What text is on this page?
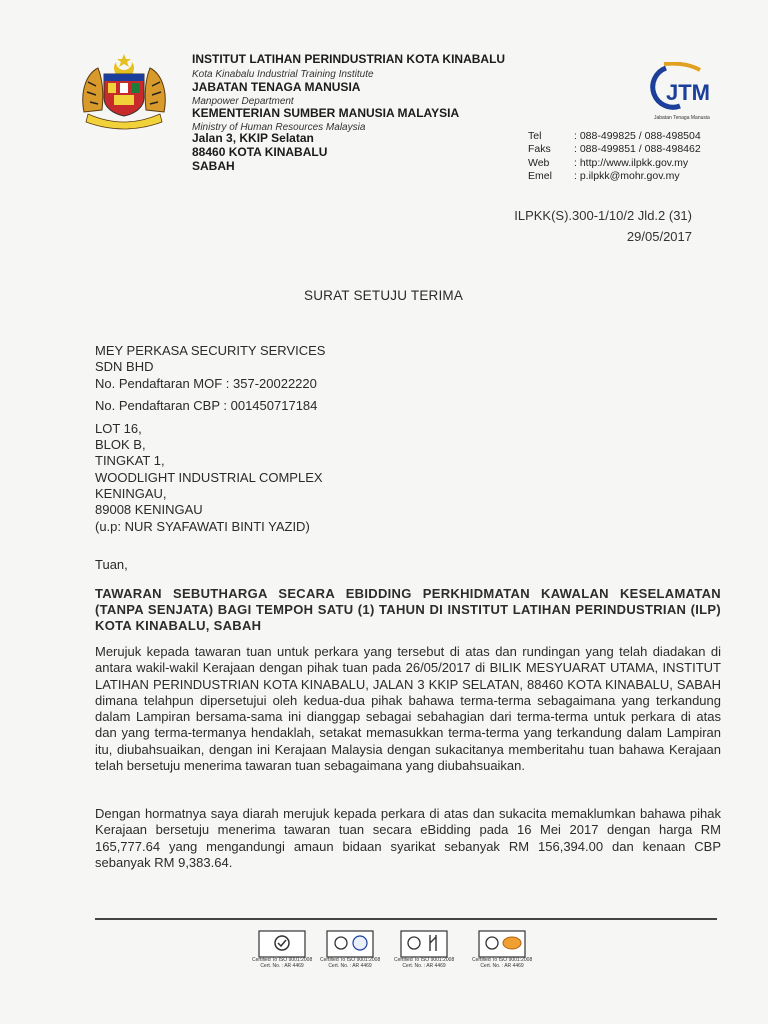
INSTITUT LATIHAN PERINDUSTRIAN KOTA KINABALU
Kota Kinabalu Industrial Training Institute
JABATAN TENAGA MANUSIA
Manpower Department
KEMENTERIAN SUMBER MANUSIA MALAYSIA
Ministry of Human Resources Malaysia
Jalan 3, KKIP Selatan
88460 KOTA KINABALU
SABAH
JTM
Jabatan Tenaga Manusia
Tel	: 088-499825 / 088-498504
Faks : 088-499851 / 088-498462
Web : http://www.ilpkk.gov.my
Emel : p.ilpkk@mohr.gov.my
ILPKK(S).300-1/10/2 Jld.2 (31)
29/05/2017
SURAT SETUJU TERIMA
MEY PERKASA SECURITY SERVICES
SDN BHD
No. Pendaftaran MOF : 357-20022220
No. Pendaftaran CBP : 001450717184
LOT 16,
BLOK B,
TINGKAT 1,
WOODLIGHT INDUSTRIAL COMPLEX
KENINGAU,
89008 KENINGAU
(u.p: NUR SYAFAWATI BINTI YAZID)
Tuan,
TAWARAN SEBUTHARGA SECARA EBIDDING PERKHIDMATAN KAWALAN KESELAMATAN (TANPA SENJATA) BAGI TEMPOH SATU (1) TAHUN DI INSTITUT LATIHAN PERINDUSTRIAN (ILP) KOTA KINABALU, SABAH
Merujuk kepada tawaran tuan untuk perkara yang tersebut di atas dan rundingan yang telah diadakan di antara wakil-wakil Kerajaan dengan pihak tuan pada 26/05/2017 di BILIK MESYUARAT UTAMA, INSTITUT LATIHAN PERINDUSTRIAN KOTA KINABALU, JALAN 3 KKIP SELATAN, 88460 KOTA KINABALU, SABAH dimana telahpun dipersetujui oleh kedua-dua pihak bahawa terma-terma sebagaimana yang terkandung dalam Lampiran bersama-sama ini dianggap sebagai sebahagian dari terma-terma untuk perkara di atas dan yang terma-termanya hendaklah, setakat memasukkan terma-terma yang terkandung dalam Lampiran itu, diubahsuaikan, dengan ini Kerajaan Malaysia dengan sukacitanya memberitahu tuan bahawa Kerajaan telah bersetuju menerima tawaran tuan sebagaimana yang diubahsuaikan.
Dengan hormatnya saya diarah merujuk kepada perkara di atas dan sukacita memaklumkan bahawa pihak Kerajaan bersetuju menerima tawaran tuan secara eBidding pada 16 Mei 2017 dengan harga RM 165,777.64 yang mengandungi amaun bidaan syarikat sebanyak RM 156,394.00 dan kenaan CBP sebanyak RM 9,383.64.
Certified To ISO 9001:2008
Cert. No. : AR 4469
Certified To ISO 9001:2008
Cert. No. : AR 4469
Certified To ISO 9001:2008
Cert. No. : AR 4469
Certified To ISO 9001:2008
Cert. No. : AR 4469
